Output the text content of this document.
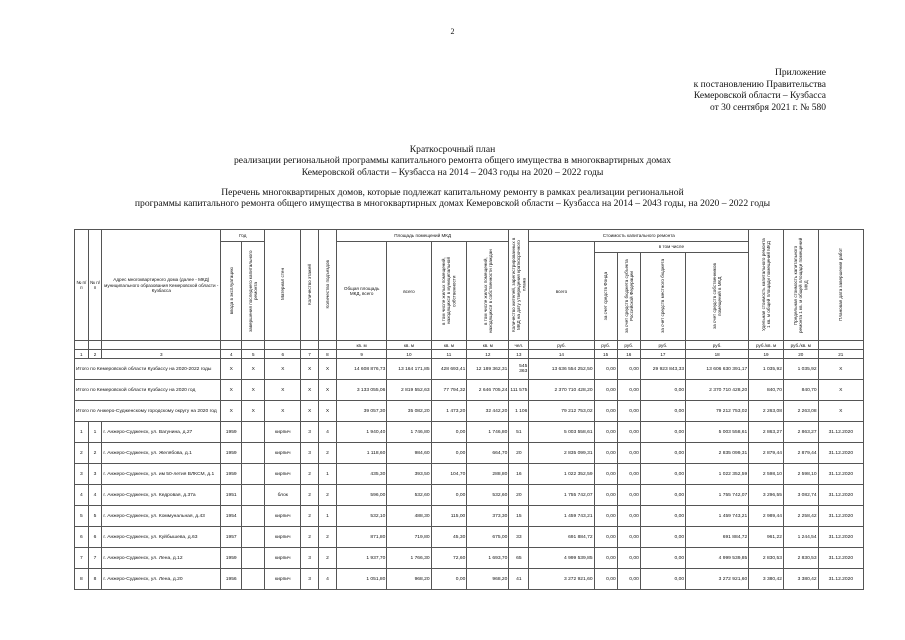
2
Приложение
к постановлению Правительства
Кемеровской области – Кузбасса
от 30 сентября 2021 г. № 580
Краткосрочный план
реализации региональной программы капитального ремонта общего имущества в многоквартирных домах
Кемеровской области – Кузбасса на 2014 – 2043 годы на 2020 – 2022 годы
Перечень многоквартирных домов, которые подлежат капитальному ремонту в рамках реализации региональной
программы капитального ремонта общего имущества в многоквартирных домах Кемеровской области – Кузбасса на 2014 – 2043 годы, на 2020 – 2022 годы
№ п/п	№ п/п	Адрес многоквартирного дома (далее - МКД) муниципального образования Кемеровской области - Кузбасса	Год		Материал стен	Количество этажей	Количество подъездов	Площадь помещений МКД				Количество жителей, зарегистрированных в МКД на дату утверждения краткосрочного плана	Стоимость капитального ремонта					Удельная стоимость капитального ремонта 1 кв. м общей площади помещений МКД	Предельная стоимость капитального ремонта 1 кв. м общей площади помещений МКД	Плановая дата завершения работ
			ввода в эксплуатацию	завершения последнего капитального ремонта				Общая площадь МКД, всего	всего	в том числе жилых помещений, находящихся в муниципальной собственности	в том числе жилых помещений, находящихся в собственности граждан		всего	в том числе						
														за счет средств Фонда	за счет средств бюджета субъекта Российской Федерации	за счет средств местного бюджета	за счет средств собственников помещений в МКД			

								кв. м	кв. м	кв. м	кв. м	чел.	руб.	руб.	руб.	руб.	руб.	руб./кв. м	руб./кв. м	
1	2	3	4	5	6	7	8	9	10	11	12	13	14	15	16	17	18	19	20	21
Итого по Кемеровской области Кузбассу на 2020-2022 годы			X	X	X	X	X	14 608 876,73	13 164 171,85	428 693,41	12 189 362,31	545 363	13 636 554 252,50	0,00	0,00	29 923 843,33	13 606 630 391,17	1 035,92	1 035,92	X
Итого по Кемеровской области Кузбассу на 2020 год			X	X	X	X	X	3 133 055,06	2 819 552,63	77 794,32	2 646 705,24	111 575	2 370 710 428,20	0,00	0,00	0,00	2 370 710 428,20	840,70	840,70	X
Итого по Анжеро-Судженскому городскому округу на 2020 год			X	X	X	X	X	39 057,30	35 082,20	1 473,20	32 442,20	1 106	79 212 753,02	0,00	0,00	0,00	79 212 753,02	2 263,08	2 263,08	X
1	1	г. Анжеро-Судженск, ул. Вагунина, д.27	1959		кирпич	3	4	1 940,40	1 746,80	0,00	1 746,80	51	5 003 558,61	0,00	0,00	0,00	5 003 558,61	2 863,27	2 863,27	31.12.2020
2	2	г. Анжеро-Судженск, ул. Желябова, д.1	1959		кирпич	3	2	1 118,60	984,60	0,00	664,70	20	2 835 099,31	0,00	0,00	0,00	2 835 099,31	2 879,44	2 879,44	31.12.2020
3	3	г. Анжеро-Судженск, ул. им 50-летия ВЛКСМ, д.1	1959		кирпич	2	1	435,30	393,50	104,70	288,80	16	1 022 352,59	0,00	0,00	0,00	1 022 352,59	2 598,10	2 598,10	31.12.2020
4	4	г. Анжеро-Судженск, ул. Кедровая, д.37а	1951		блок	2	2	596,00	532,60	0,00	532,60	20	1 755 742,07	0,00	0,00	0,00	1 755 742,07	3 296,55	3 082,74	31.12.2020
5	5	г. Анжеро-Судженск, ул. Коммунальная, д.43	1954		кирпич	2	1	532,10	488,30	115,00	373,30	15	1 459 743,21	0,00	0,00	0,00	1 459 743,21	2 989,44	2 258,42	31.12.2020
6	6	г. Анжеро-Судженск, ул. Куйбышева, д.63	1957		кирпич	2	2	871,80	719,80	45,30	675,00	33	691 884,72	0,00	0,00	0,00	691 884,72	961,22	1 244,54	31.12.2020
7	7	г. Анжеро-Судженск, ул. Лена, д.12	1959		кирпич	3	2	1 937,70	1 766,30	72,60	1 693,70	65	4 999 539,85	0,00	0,00	0,00	4 999 539,85	2 830,53	2 830,53	31.12.2020
8	8	г. Анжеро-Судженск, ул. Лена, д.20	1956		кирпич	3	4	1 051,80	968,20	0,00	968,20	41	3 272 921,60	0,00	0,00	0,00	3 272 921,60	3 380,42	3 380,42	31.12.2020
